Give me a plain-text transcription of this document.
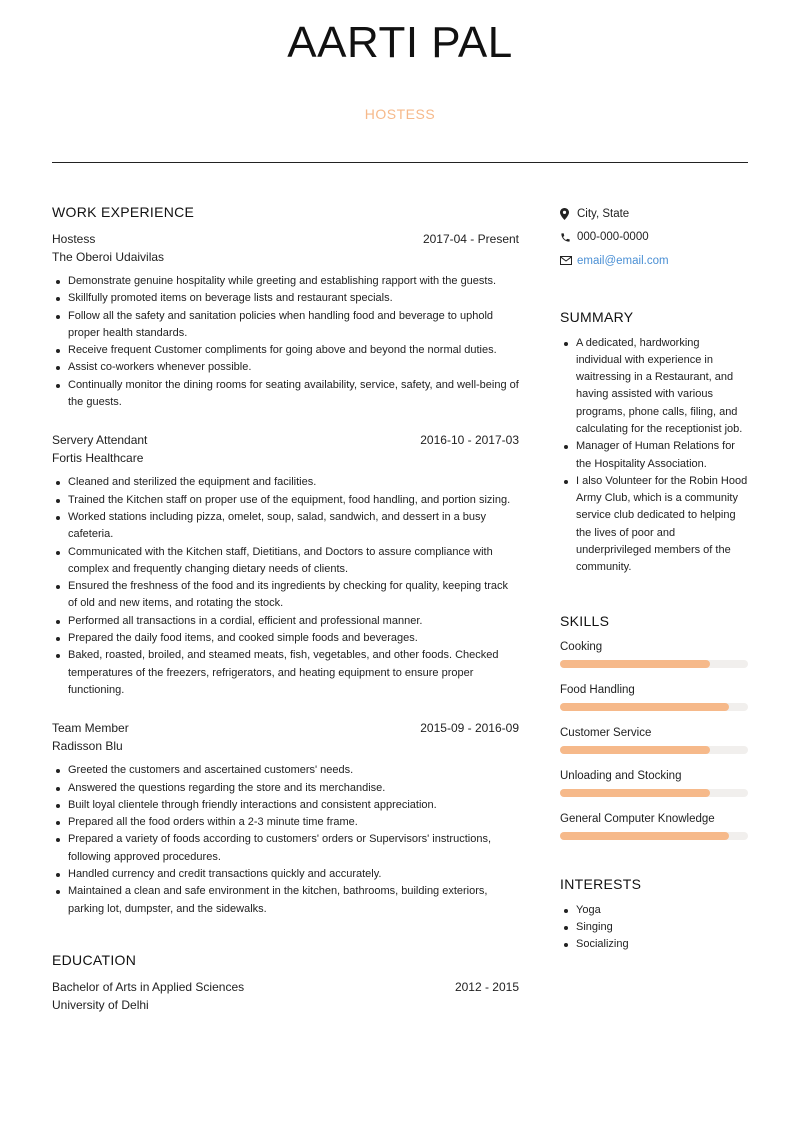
AARTI PAL
HOSTESS
WORK EXPERIENCE
Hostess	2017-04 - Present
The Oberoi Udaivilas
Demonstrate genuine hospitality while greeting and establishing rapport with the guests.
Skillfully promoted items on beverage lists and restaurant specials.
Follow all the safety and sanitation policies when handling food and beverage to uphold proper health standards.
Receive frequent Customer compliments for going above and beyond the normal duties.
Assist co-workers whenever possible.
Continually monitor the dining rooms for seating availability, service, safety, and well-being of the guests.
Servery Attendant	2016-10 - 2017-03
Fortis Healthcare
Cleaned and sterilized the equipment and facilities.
Trained the Kitchen staff on proper use of the equipment, food handling, and portion sizing.
Worked stations including pizza, omelet, soup, salad, sandwich, and dessert in a busy cafeteria.
Communicated with the Kitchen staff, Dietitians, and Doctors to assure compliance with complex and frequently changing dietary needs of clients.
Ensured the freshness of the food and its ingredients by checking for quality, keeping track of old and new items, and rotating the stock.
Performed all transactions in a cordial, efficient and professional manner.
Prepared the daily food items, and cooked simple foods and beverages.
Baked, roasted, broiled, and steamed meats, fish, vegetables, and other foods. Checked temperatures of the freezers, refrigerators, and heating equipment to ensure proper functioning.
Team Member	2015-09 - 2016-09
Radisson Blu
Greeted the customers and ascertained customers' needs.
Answered the questions regarding the store and its merchandise.
Built loyal clientele through friendly interactions and consistent appreciation.
Prepared all the food orders within a 2-3 minute time frame.
Prepared a variety of foods according to customers' orders or Supervisors' instructions, following approved procedures.
Handled currency and credit transactions quickly and accurately.
Maintained a clean and safe environment in the kitchen, bathrooms, building exteriors, parking lot, dumpster, and the sidewalks.
EDUCATION
Bachelor of Arts in Applied Sciences	2012 - 2015
University of Delhi
City, State
000-000-0000
email@email.com
SUMMARY
A dedicated, hardworking individual with experience in waitressing in a Restaurant, and having assisted with various programs, phone calls, filing, and calculating for the receptionist job.
Manager of Human Relations for the Hospitality Association.
I also Volunteer for the Robin Hood Army Club, which is a community service club dedicated to helping the lives of poor and underprivileged members of the community.
SKILLS
Cooking
Food Handling
Customer Service
Unloading and Stocking
General Computer Knowledge
INTERESTS
Yoga
Singing
Socializing
